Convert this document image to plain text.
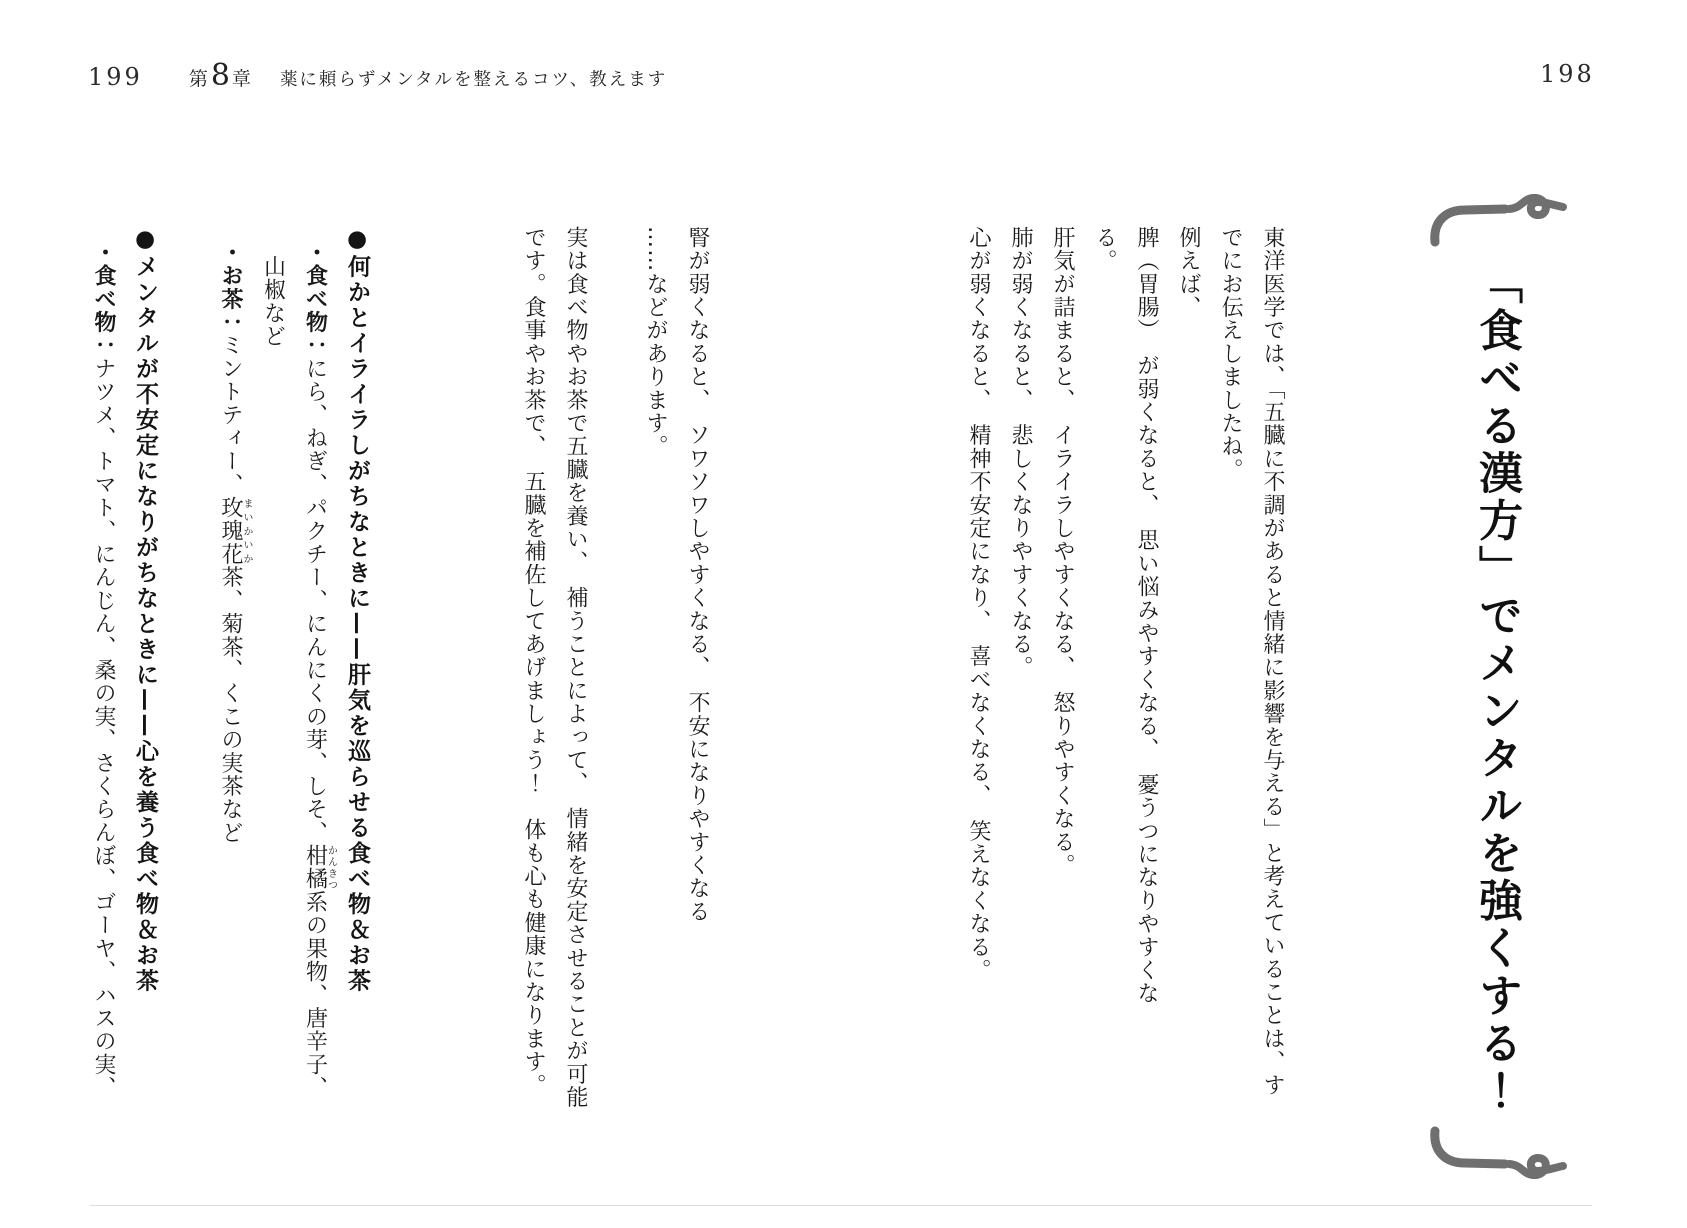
199 第 8 章 薬に頼らずメンタルを整えるコツ、教えます	198
「食べる漢方」でメンタルを強くする！
東洋医学では、「五臓に不調があると情緒に影響を与える」と考えていることは、す
でにお伝えしましたね。
例えば、
脾（胃腸）　が弱くなると、　思い悩みやすくなる、　憂うつになりやすくな
る。
肝気が詰まると、　イライラしやすくなる、　怒りやすくなる。
肺が弱くなると、　悲しくなりやすくなる。
心が弱くなると、　精神不安定になり、　喜べなくなる、　笑えなくなる。
腎が弱くなると、　ソワソワしやすくなる、　不安になりやすくなる
……などがあります。
実は食べ物やお茶で五臓を養い、　補うことによって、　情緒を安定させることが可能
です。食事やお茶で、　五臓を補佐してあげましょう！　体も心も健康になります。
●何かとイライラしがちなときに——肝気を巡らせる食べ物＆お茶
・食べ物：にら、ねぎ、パクチー、にんにくの芽、しそ、柑橘かんきつ系の果物、唐辛子、
山椒など
・お茶：ミントティー、玫瑰花まいかいか茶、菊茶、くこの実茶など
●メンタルが不安定になりがちなときに——心を養う食べ物＆お茶
・食べ物：ナツメ、トマト、にんじん、桑の実、さくらんぼ、ゴーヤ、ハスの実、
